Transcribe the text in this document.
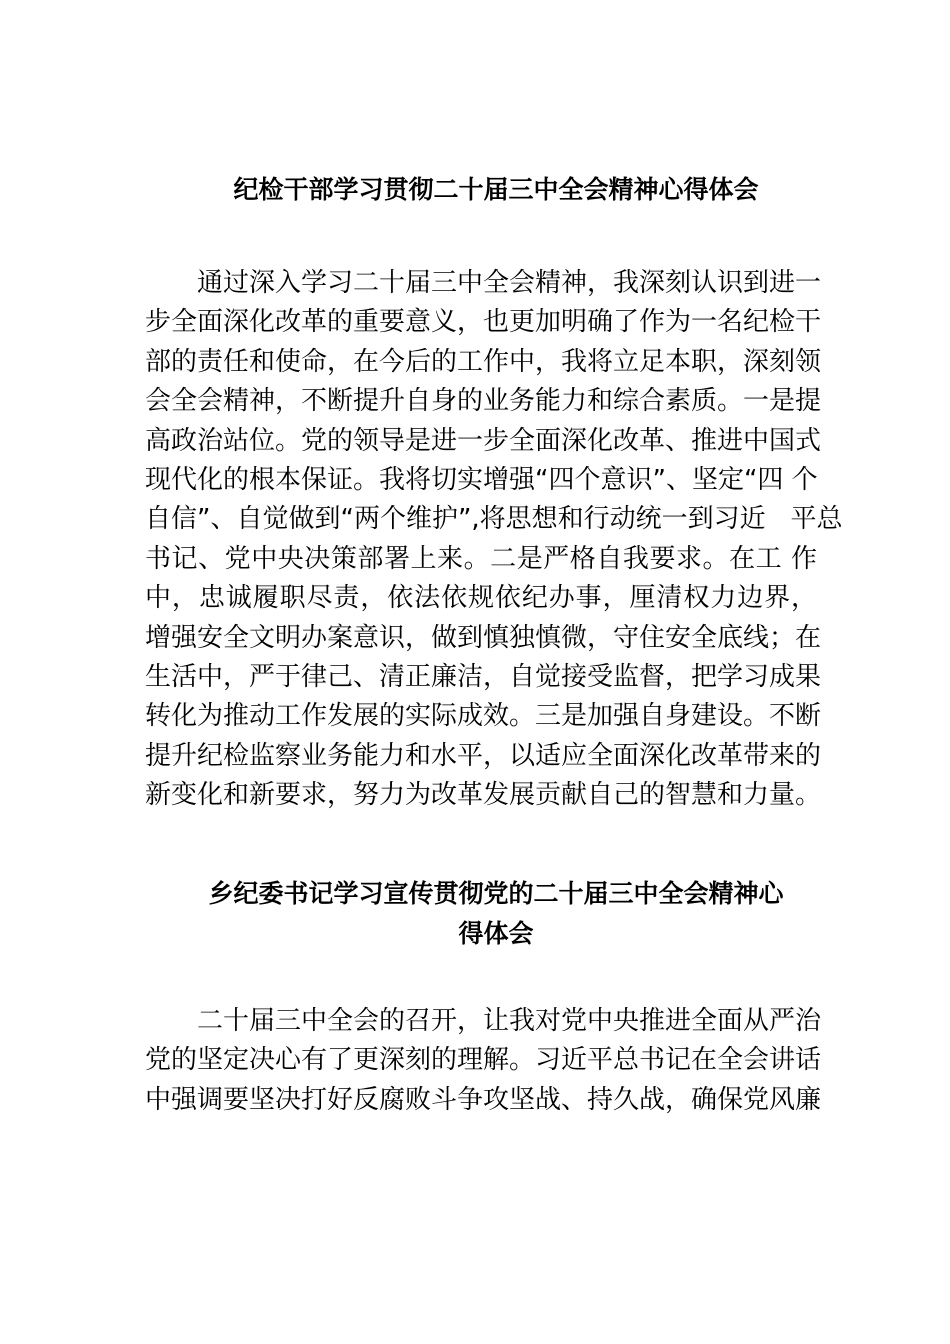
纪检干部学习贯彻二十届三中全会精神心得体会
通过深入学习二十届三中全会精神，我深刻认识到进一
步全面深化改革的重要意义，也更加明确了作为一名纪检干
部的责任和使命，在今后的工作中，我将立足本职，深刻领
会全会精神，不断提升自身的业务能力和综合素质。一是提
高政治站位。党的领导是进一步全面深化改革、推进中国式
现代化的根本保证。我将切实增强“四个意识”、坚定“四 个
自信”、自觉做到“两个维护”,将思想和行动统一到习近   平总
书记、党中央决策部署上来。二是严格自我要求。在工 作
中，忠诚履职尽责，依法依规依纪办事，厘清权力边界，
增强安全文明办案意识，做到慎独慎微，守住安全底线；在
生活中，严于律己、清正廉洁，自觉接受监督，把学习成果
转化为推动工作发展的实际成效。三是加强自身建设。不断
提升纪检监察业务能力和水平，以适应全面深化改革带来的
新变化和新要求，努力为改革发展贡献自己的智慧和力量。
乡纪委书记学习宣传贯彻党的二十届三中全会精神心
得体会
二十届三中全会的召开，让我对党中央推进全面从严治
党的坚定决心有了更深刻的理解。习近平总书记在全会讲话
中强调要坚决打好反腐败斗争攻坚战、持久战，确保党风廉
